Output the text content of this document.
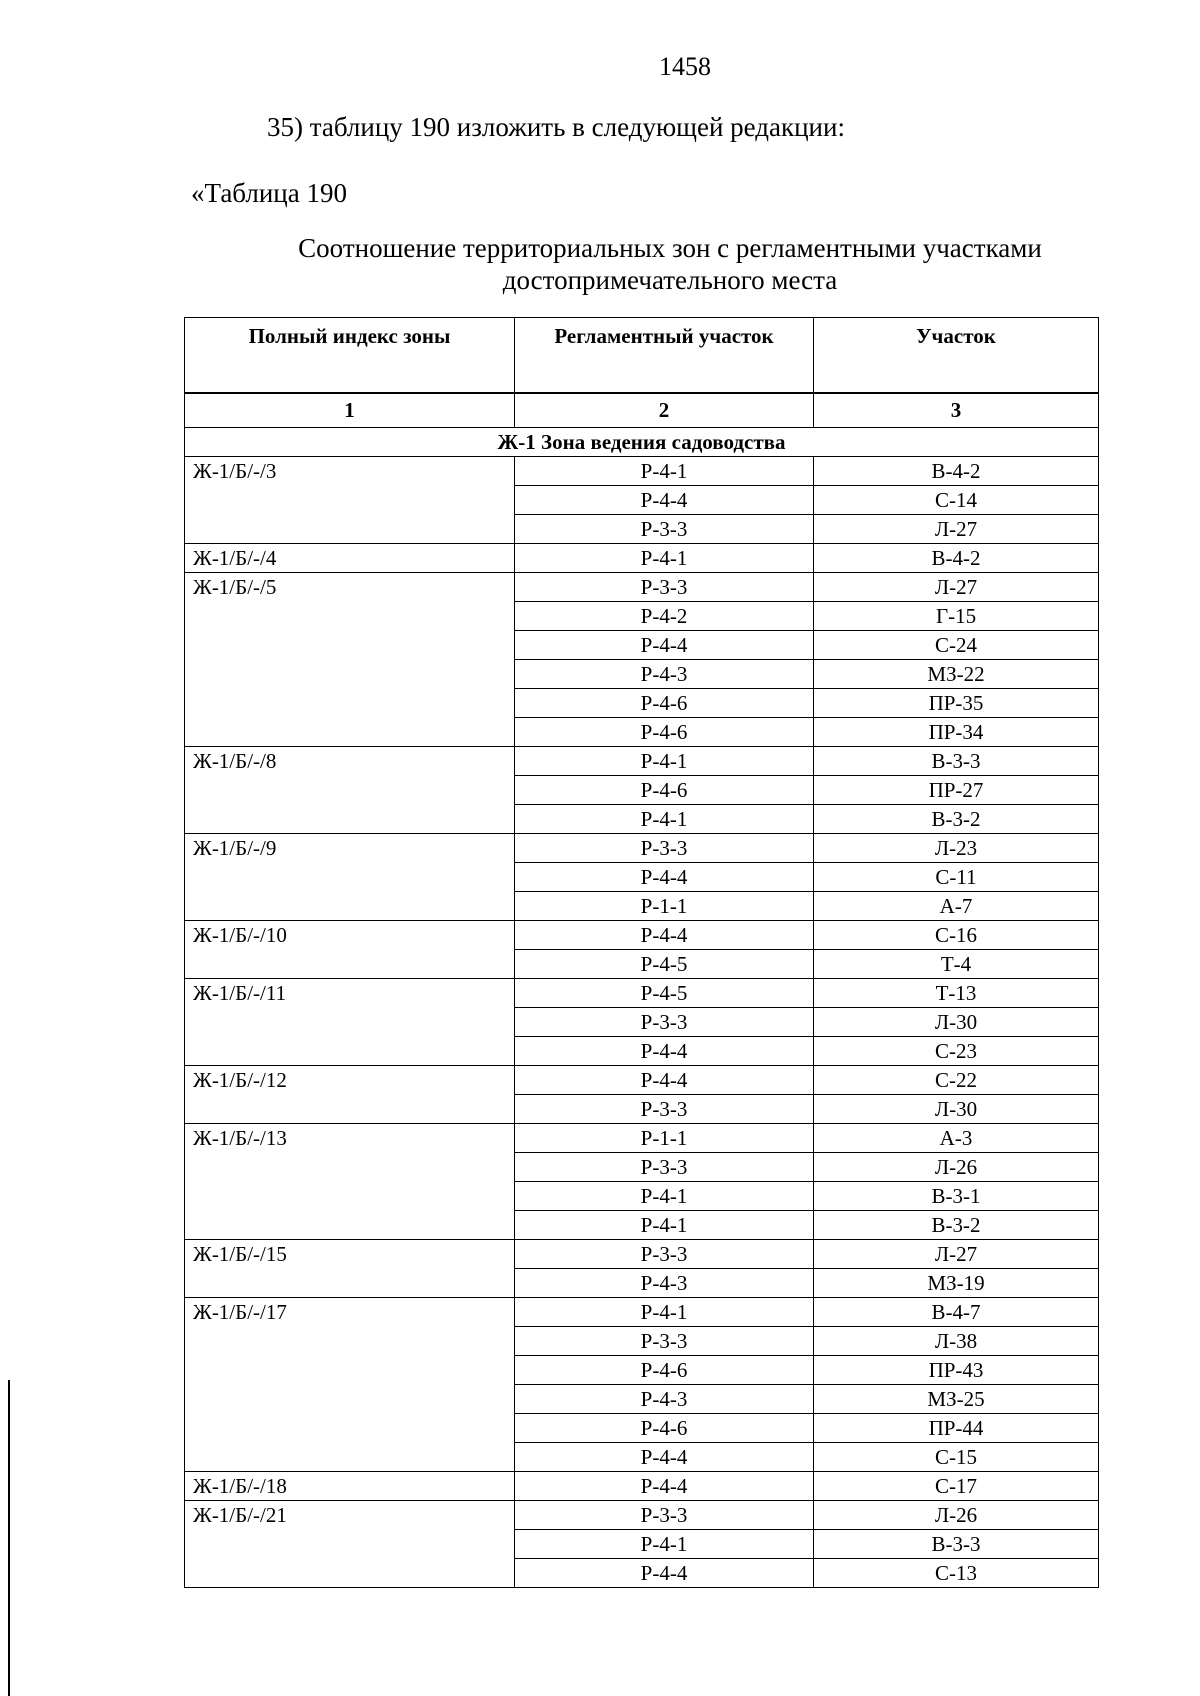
1458
35) таблицу 190 изложить в следующей редакции:
«Таблица 190
Соотношение территориальных зон с регламентными участками
достопримечательного места
Полный индекс зоны	Регламентный участок	Участок
1	2	3
Ж-1 Зона ведения садоводства		
Ж-1/Б/-/3	Р-4-1	В-4-2
	Р-4-4	С-14
	Р-3-3	Л-27
Ж-1/Б/-/4	Р-4-1	В-4-2
Ж-1/Б/-/5	Р-3-3	Л-27
	Р-4-2	Г-15
	Р-4-4	С-24
	Р-4-3	МЗ-22
	Р-4-6	ПР-35
	Р-4-6	ПР-34
Ж-1/Б/-/8	Р-4-1	В-3-3
	Р-4-6	ПР-27
	Р-4-1	В-3-2
Ж-1/Б/-/9	Р-3-3	Л-23
	Р-4-4	С-11
	Р-1-1	А-7
Ж-1/Б/-/10	Р-4-4	С-16
	Р-4-5	Т-4
Ж-1/Б/-/11	Р-4-5	Т-13
	Р-3-3	Л-30
	Р-4-4	С-23
Ж-1/Б/-/12	Р-4-4	С-22
	Р-3-3	Л-30
Ж-1/Б/-/13	Р-1-1	А-3
	Р-3-3	Л-26
	Р-4-1	В-3-1
	Р-4-1	В-3-2
Ж-1/Б/-/15	Р-3-3	Л-27
	Р-4-3	МЗ-19
Ж-1/Б/-/17	Р-4-1	В-4-7
	Р-3-3	Л-38
	Р-4-6	ПР-43
	Р-4-3	МЗ-25
	Р-4-6	ПР-44
	Р-4-4	С-15
Ж-1/Б/-/18	Р-4-4	С-17
Ж-1/Б/-/21	Р-3-3	Л-26
	Р-4-1	В-3-3
	Р-4-4	С-13
